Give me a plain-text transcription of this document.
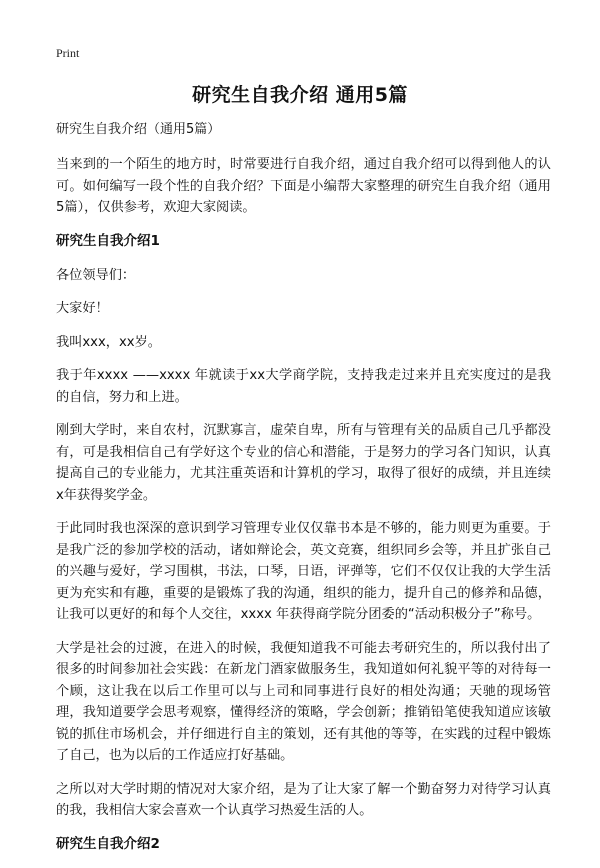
Print
研究生自我介绍 通用5篇
研究生自我介绍（通用5篇）
当来到的一个陌生的地方时，时常要进行自我介绍，通过自我介绍可以得到他人的认可。如何编写一段个性的自我介绍？下面是小编帮大家整理的研究生自我介绍（通用5篇），仅供参考，欢迎大家阅读。
研究生自我介绍1
各位领导们：
大家好！
我叫xxx，xx岁。
我于年xxxx ——xxxx 年就读于xx大学商学院，支持我走过来并且充实度过的是我的自信，努力和上进。
刚到大学时，来自农村，沉默寡言，虚荣自卑，所有与管理有关的品质自己几乎都没有，可是我相信自己有学好这个专业的信心和潜能，于是努力的学习各门知识，认真提高自己的专业能力，尤其注重英语和计算机的学习，取得了很好的成绩，并且连续x年获得奖学金。
于此同时我也深深的意识到学习管理专业仅仅靠书本是不够的，能力则更为重要。于是我广泛的参加学校的活动，诸如辩论会，英文竞赛，组织同乡会等，并且扩张自己的兴趣与爱好，学习围棋，书法，口琴，日语，评弹等，它们不仅仅让我的大学生活更为充实和有趣，重要的是锻炼了我的沟通，组织的能力，提升自己的修养和品德，让我可以更好的和每个人交往，xxxx 年获得商学院分团委的“活动积极分子”称号。
大学是社会的过渡，在进入的时候，我便知道我不可能去考研究生的，所以我付出了很多的时间参加社会实践：在新龙门酒家做服务生，我知道如何礼貌平等的对待每一个顾，这让我在以后工作里可以与上司和同事进行良好的相处沟通；天驰的现场管理，我知道要学会思考观察，懂得经济的策略，学会创新；推销铅笔使我知道应该敏锐的抓住市场机会，并仔细进行自主的策划，还有其他的等等，在实践的过程中锻炼了自己，也为以后的工作适应打好基础。
之所以对大学时期的情况对大家介绍，是为了让大家了解一个勤奋努力对待学习认真的我，我相信大家会喜欢一个认真学习热爱生活的人。
研究生自我介绍2
